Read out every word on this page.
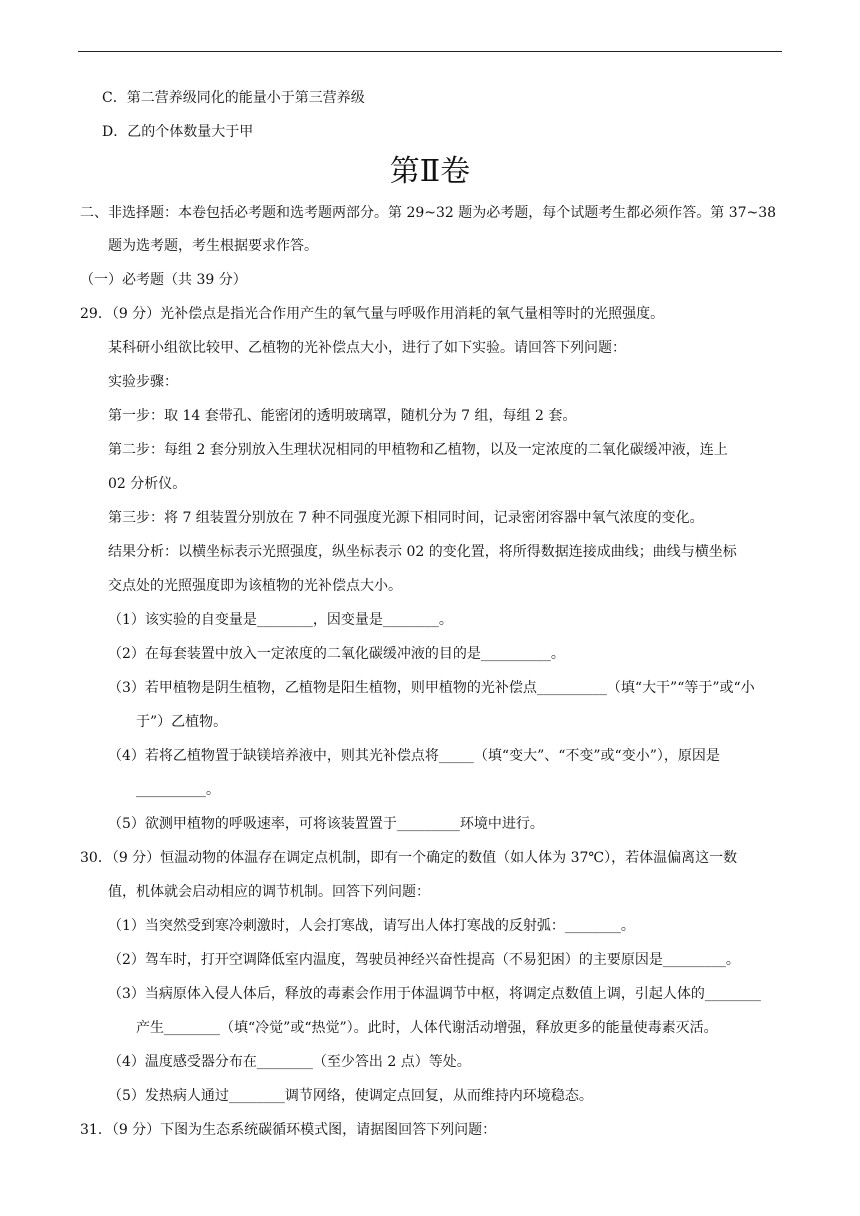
C．第二营养级同化的能量小于第三营养级
D．乙的个体数量大于甲
第Ⅱ卷
二、非选择题：本卷包括必考题和选考题两部分。第 29~32 题为必考题，每个试题考生都必须作答。第 37~38
题为选考题，考生根据要求作答。
（一）必考题（共 39 分）
29．（9 分）光补偿点是指光合作用产生的氧气量与呼吸作用消耗的氧气量相等时的光照强度。
某科研小组欲比较甲、乙植物的光补偿点大小，进行了如下实验。请回答下列问题：
实验步骤：
第一步：取 14 套带孔、能密闭的透明玻璃罩，随机分为 7 组，每组 2 套。
第二步：每组 2 套分别放入生理状况相同的甲植物和乙植物，以及一定浓度的二氧化碳缓冲液，连上
02 分析仪。
第三步：将 7 组装置分别放在 7 种不同强度光源下相同时间，记录密闭容器中氧气浓度的变化。
结果分析：以横坐标表示光照强度，纵坐标表示 02 的变化置，将所得数据连接成曲线；曲线与横坐标
交点处的光照强度即为该植物的光补偿点大小。
（1）该实验的自变量是________，因变量是________。
（2）在每套装置中放入一定浓度的二氧化碳缓冲液的目的是__________。
（3）若甲植物是阴生植物，乙植物是阳生植物，则甲植物的光补偿点__________（填“大干”“等于”或“小
于”）乙植物。
（4）若将乙植物置于缺镁培养液中，则其光补偿点将_____（填“变大”、“不变”或“变小”），原因是
__________。
（5）欲测甲植物的呼吸速率，可将该装置置于_________环境中进行。
30．（9 分）恒温动物的体温存在调定点机制，即有一个确定的数值（如人体为 37℃），若体温偏离这一数
值，机体就会启动相应的调节机制。回答下列问题：
（1）当突然受到寒冷刺激时，人会打寒战，请写出人体打寒战的反射弧：________。
（2）驾车时，打开空调降低室内温度，驾驶员神经兴奋性提高（不易犯困）的主要原因是_________。
（3）当病原体入侵人体后，释放的毒素会作用于体温调节中枢，将调定点数值上调，引起人体的________
产生________（填“冷觉”或“热觉”）。此时，人体代谢活动增强，释放更多的能量使毒素灭活。
（4）温度感受器分布在________（至少答出 2 点）等处。
（5）发热病人通过________调节网络，使调定点回复，从而维持内环境稳态。
31．（9 分）下图为生态系统碳循环模式图，请据图回答下列问题：
